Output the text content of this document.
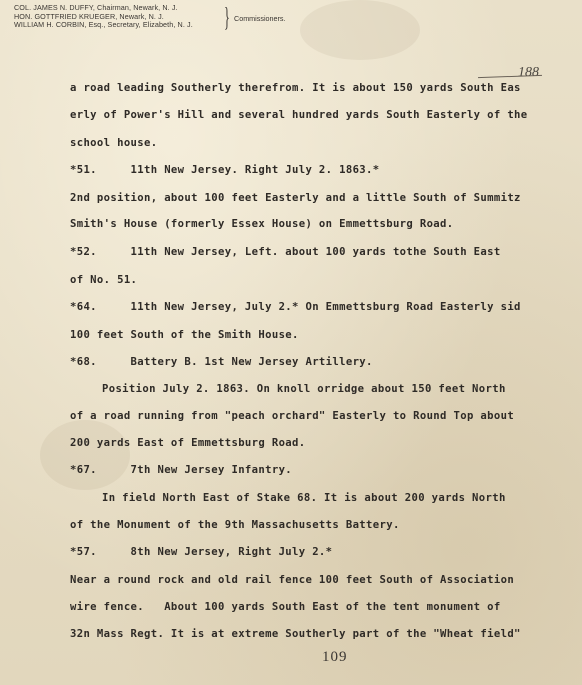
COL. JAMES N. DUFFY, Chairman, Newark, N. J.
HON. GOTTFRIED KRUEGER, Newark, N. J.
WILLIAM H. CORBIN, Esq., Secretary, Elizabeth, N. J. } Commissioners.
188
a road leading Southerly therefrom. It is about 150 yards South Eas
erly of Power's Hill and several hundred yards South Easterly of the
school house.
*51.     11th New Jersey. Right July 2. 1863.*
2nd position, about 100 feet Easterly and a little South of Summitz
Smith's House (formerly Essex House) on Emmettsburg Road.
*52.     11th New Jersey, Left. about 100 yards tothe South East
of No. 51.
*64.     11th New Jersey, July 2.* On Emmettsburg Road Easterly sid
100 feet South of the Smith House.
*68.     Battery B. 1st New Jersey Artillery.
Position July 2. 1863. On knoll orridge about 150 feet North
of a road running from "peach orchard" Easterly to Round Top about
200 yards East of Emmettsburg Road.
*67.     7th New Jersey Infantry.
In field North East of Stake 68. It is about 200 yards North
of the Monument of the 9th Massachusetts Battery.
*57.     8th New Jersey, Right July 2.*
Near a round rock and old rail fence 100 feet South of Association
wire fence.   About 100 yards South East of the tent monument of
32n Mass Regt. It is at extreme Southerly part of the "Wheat field"
109
